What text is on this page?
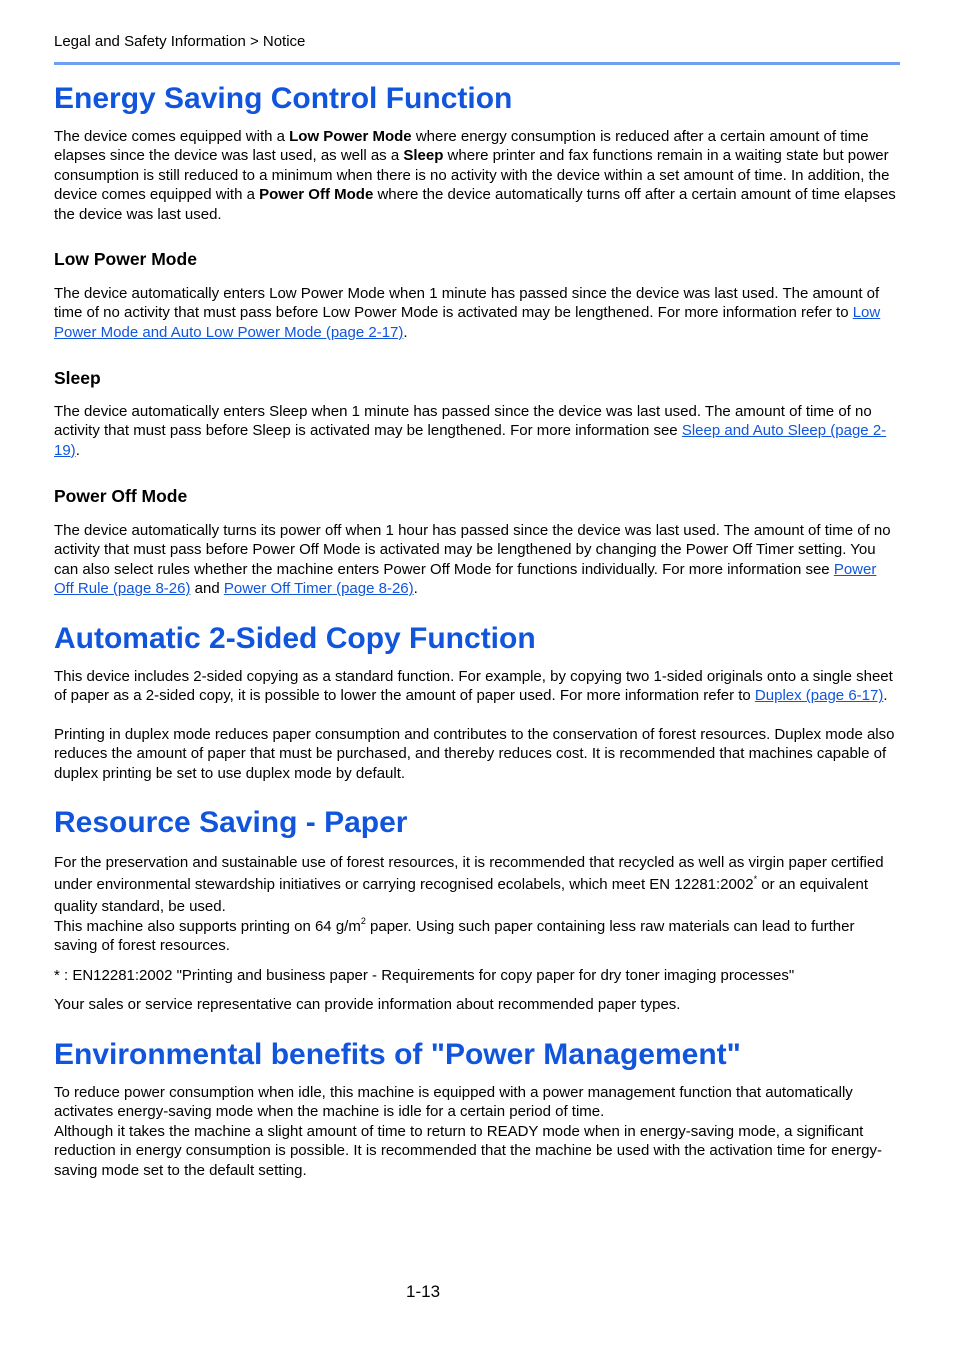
Legal and Safety Information > Notice
Energy Saving Control Function

The device comes equipped with a Low Power Mode where energy consumption is reduced after a certain amount of time elapses since the device was last used, as well as a Sleep where printer and fax functions remain in a waiting state but power consumption is still reduced to a minimum when there is no activity with the device within a set amount of time. In addition, the device comes equipped with a Power Off Mode where the device automatically turns off after a certain amount of time elapses the device was last used.

Low Power Mode

The device automatically enters Low Power Mode when 1 minute has passed since the device was last used. The amount of time of no activity that must pass before Low Power Mode is activated may be lengthened. For more information refer to Low Power Mode and Auto Low Power Mode (page 2-17).

Sleep

The device automatically enters Sleep when 1 minute has passed since the device was last used. The amount of time of no activity that must pass before Sleep is activated may be lengthened. For more information see Sleep and Auto Sleep (page 2-19).

Power Off Mode

The device automatically turns its power off when 1 hour has passed since the device was last used. The amount of time of no activity that must pass before Power Off Mode is activated may be lengthened by changing the Power Off Timer setting. You can also select rules whether the machine enters Power Off Mode for functions individually. For more information see Power Off Rule (page 8-26) and Power Off Timer (page 8-26).

Automatic 2-Sided Copy Function

This device includes 2-sided copying as a standard function. For example, by copying two 1-sided originals onto a single sheet of paper as a 2-sided copy, it is possible to lower the amount of paper used. For more information refer to Duplex (page 6-17).

Printing in duplex mode reduces paper consumption and contributes to the conservation of forest resources. Duplex mode also reduces the amount of paper that must be purchased, and thereby reduces cost. It is recommended that machines capable of duplex printing be set to use duplex mode by default.

Resource Saving - Paper

For the preservation and sustainable use of forest resources, it is recommended that recycled as well as virgin paper certified under environmental stewardship initiatives or carrying recognised ecolabels, which meet EN 12281:2002* or an equivalent quality standard, be used.

This machine also supports printing on 64 $g/m^2$ paper. Using such paper containing less raw materials can lead to further saving of forest resources.

* : EN12281:2002 "Printing and business paper - Requirements for copy paper for dry toner imaging processes"

Your sales or service representative can provide information about recommended paper types.

Environmental benefits of "Power Management"

To reduce power consumption when idle, this machine is equipped with a power management function that automatically activates energy-saving mode when the machine is idle for a certain period of time.

Although it takes the machine a slight amount of time to return to READY mode when in energy-saving mode, a significant reduction in energy consumption is possible. It is recommended that the machine be used with the activation time for energy-saving mode set to the default setting.

1-13
